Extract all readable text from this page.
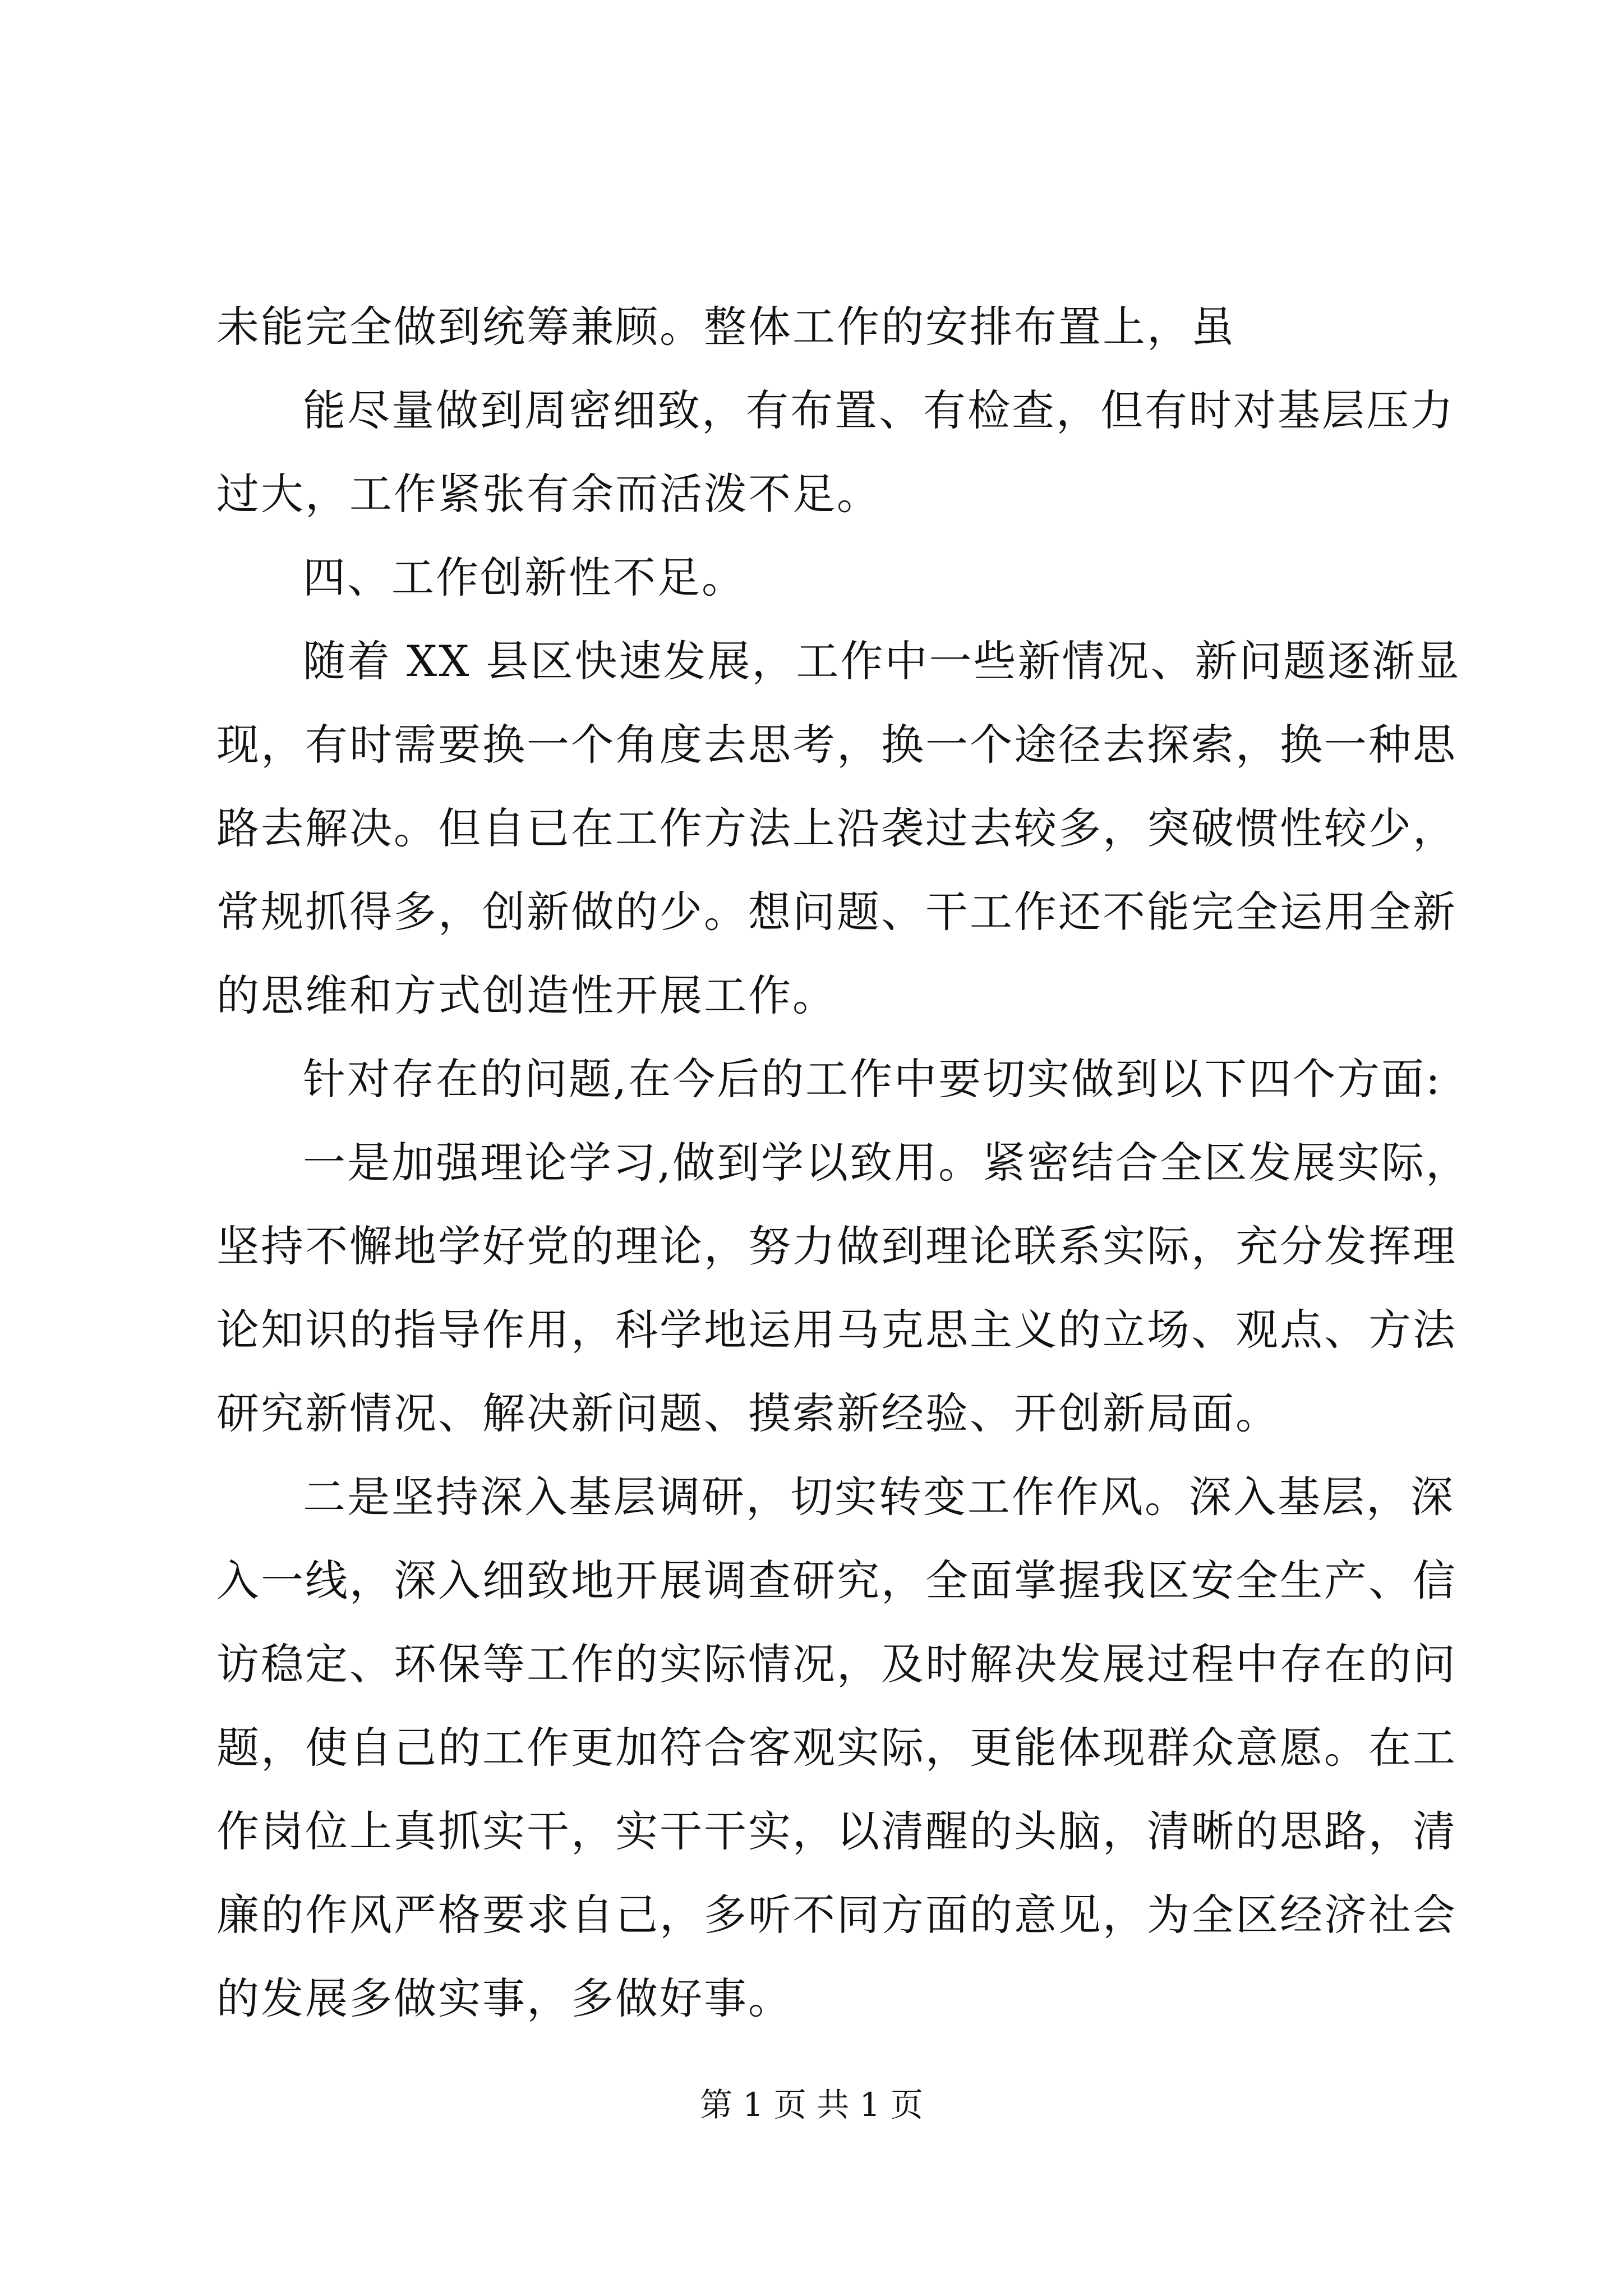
未能完全做到统筹兼顾。整体工作的安排布置上，虽
能尽量做到周密细致，有布置、有检查，但有时对基层压力
过大，工作紧张有余而活泼不足。
四、工作创新性不足。
随着 XX 县区快速发展，工作中一些新情况、新问题逐渐显
现，有时需要换一个角度去思考，换一个途径去探索，换一种思
路去解决。但自已在工作方法上沿袭过去较多，突破惯性较少，
常规抓得多，创新做的少。想问题、干工作还不能完全运用全新
的思维和方式创造性开展工作。
针对存在的问题,在今后的工作中要切实做到以下四个方面:
一是加强理论学习,做到学以致用。紧密结合全区发展实际，
坚持不懈地学好党的理论，努力做到理论联系实际，充分发挥理
论知识的指导作用，科学地运用马克思主义的立场、观点、方法
研究新情况、解决新问题、摸索新经验、开创新局面。
二是坚持深入基层调研，切实转变工作作风。深入基层，深
入一线，深入细致地开展调查研究，全面掌握我区安全生产、信
访稳定、环保等工作的实际情况，及时解决发展过程中存在的问
题，使自己的工作更加符合客观实际，更能体现群众意愿。在工
作岗位上真抓实干，实干干实，以清醒的头脑，清晰的思路，清
廉的作风严格要求自己，多听不同方面的意见，为全区经济社会
的发展多做实事，多做好事。
第 1 页 共 1 页
